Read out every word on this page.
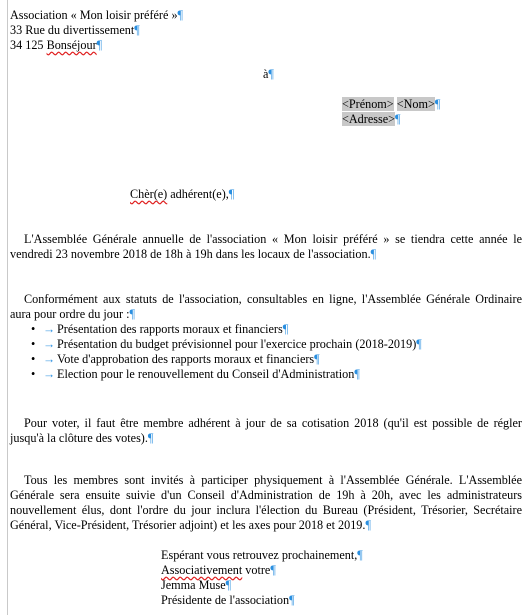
Association « Mon loisir préféré »¶
33 Rue du divertissement¶
34 125 Bonséjour¶
à¶
<Prénom> <Nom>¶
<Adresse>¶
Chèr(e) adhérent(e),¶
L'Assemblée Générale annuelle de l'association « Mon loisir préféré » se tiendra cette année le vendredi 23 novembre 2018 de 18h à 19h dans les locaux de l'association.¶
Conformément aux statuts de l'association, consultables en ligne, l'Assemblée Générale Ordinaire aura pour ordre du jour :¶
• → Présentation des rapports moraux et financiers¶
• → Présentation du budget prévisionnel pour l'exercice prochain (2018-2019)¶
• → Vote d'approbation des rapports moraux et financiers¶
• → Election pour le renouvellement du Conseil d'Administration¶
Pour voter, il faut être membre adhérent à jour de sa cotisation 2018 (qu'il est possible de régler jusqu'à la clôture des votes).¶
Tous les membres sont invités à participer physiquement à l'Assemblée Générale. L'Assemblée Générale sera ensuite suivie d'un Conseil d'Administration de 19h à 20h, avec les administrateurs nouvellement élus, dont l'ordre du jour inclura l'élection du Bureau (Président, Trésorier, Secrétaire Général, Vice-Président, Trésorier adjoint) et les axes pour 2018 et 2019.¶
Espérant vous retrouvez prochainement,¶
Associativement votre¶
Jemma Muse¶
Présidente de l'association¶
